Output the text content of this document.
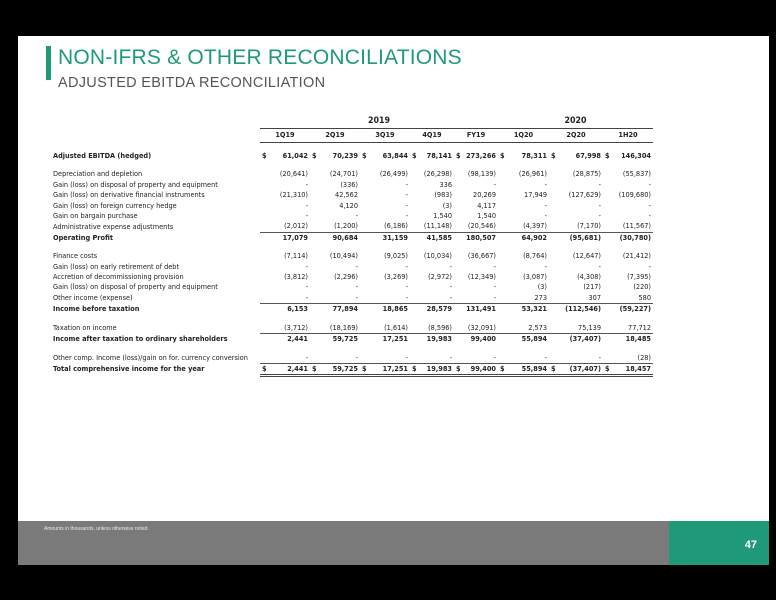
NON-IFRS & OTHER RECONCILIATIONS
ADJUSTED EBITDA RECONCILIATION
	2019					2020		
	1Q19	2Q19	3Q19	4Q19	FY19	1Q20	2Q20	1H20

Adjusted EBITDA (hedged)	$ 61,042	$ 70,239	$ 63,844	$ 78,141	$ 273,266	$ 78,311	$ 67,998	$ 146,304

Depreciation and depletion	(20,641)	(24,701)	(26,499)	(26,298)	(98,139)	(26,961)	(28,875)	(55,837)
Gain (loss) on disposal of property and equipment	-	(336)	-	336	-	-	-	-
Gain (loss) on derivative financial instruments	(21,310)	42,562	-	(983)	20,269	17,949	(127,629)	(109,680)
Gain (loss) on foreign currency hedge	-	4,120	-	(3)	4,117	-	-	-
Gain on bargain purchase	-	-	-	1,540	1,540	-	-	-
Administrative expense adjustments	(2,012)	(1,200)	(6,186)	(11,148)	(20,546)	(4,397)	(7,170)	(11,567)
Operating Profit	17,079	90,684	31,159	41,585	180,507	64,902	(95,681)	(30,780)

Finance costs	(7,114)	(10,494)	(9,025)	(10,034)	(36,667)	(8,764)	(12,647)	(21,412)
Gain (loss) on early retirement of debt	-	-	-	-	-	-	-	-
Accretion of decommissioning provision	(3,812)	(2,296)	(3,269)	(2,972)	(12,349)	(3,087)	(4,308)	(7,395)
Gain (loss) on disposal of property and equipment	-	-	-	-	-	(3)	(217)	(220)
Other income (expense)	-	-	-	-	-	273	307	580
Income before taxation	6,153	77,894	18,865	28,579	131,491	53,321	(112,546)	(59,227)

Taxation on income	(3,712)	(18,169)	(1,614)	(8,596)	(32,091)	2,573	75,139	77,712
Income after taxation to ordinary shareholders	2,441	59,725	17,251	19,983	99,400	55,894	(37,407)	18,485

Other comp. Income (loss)/gain on for. currency conversion	-	-	-	-	-	-	-	(28)
Total comprehensive income for the year	$ 2,441	$ 59,725	$ 17,251	$ 19,983	$ 99,400	$ 55,894	$ (37,407)	$ 18,457
Amounts in thousands, unless otherwise noted.
47
